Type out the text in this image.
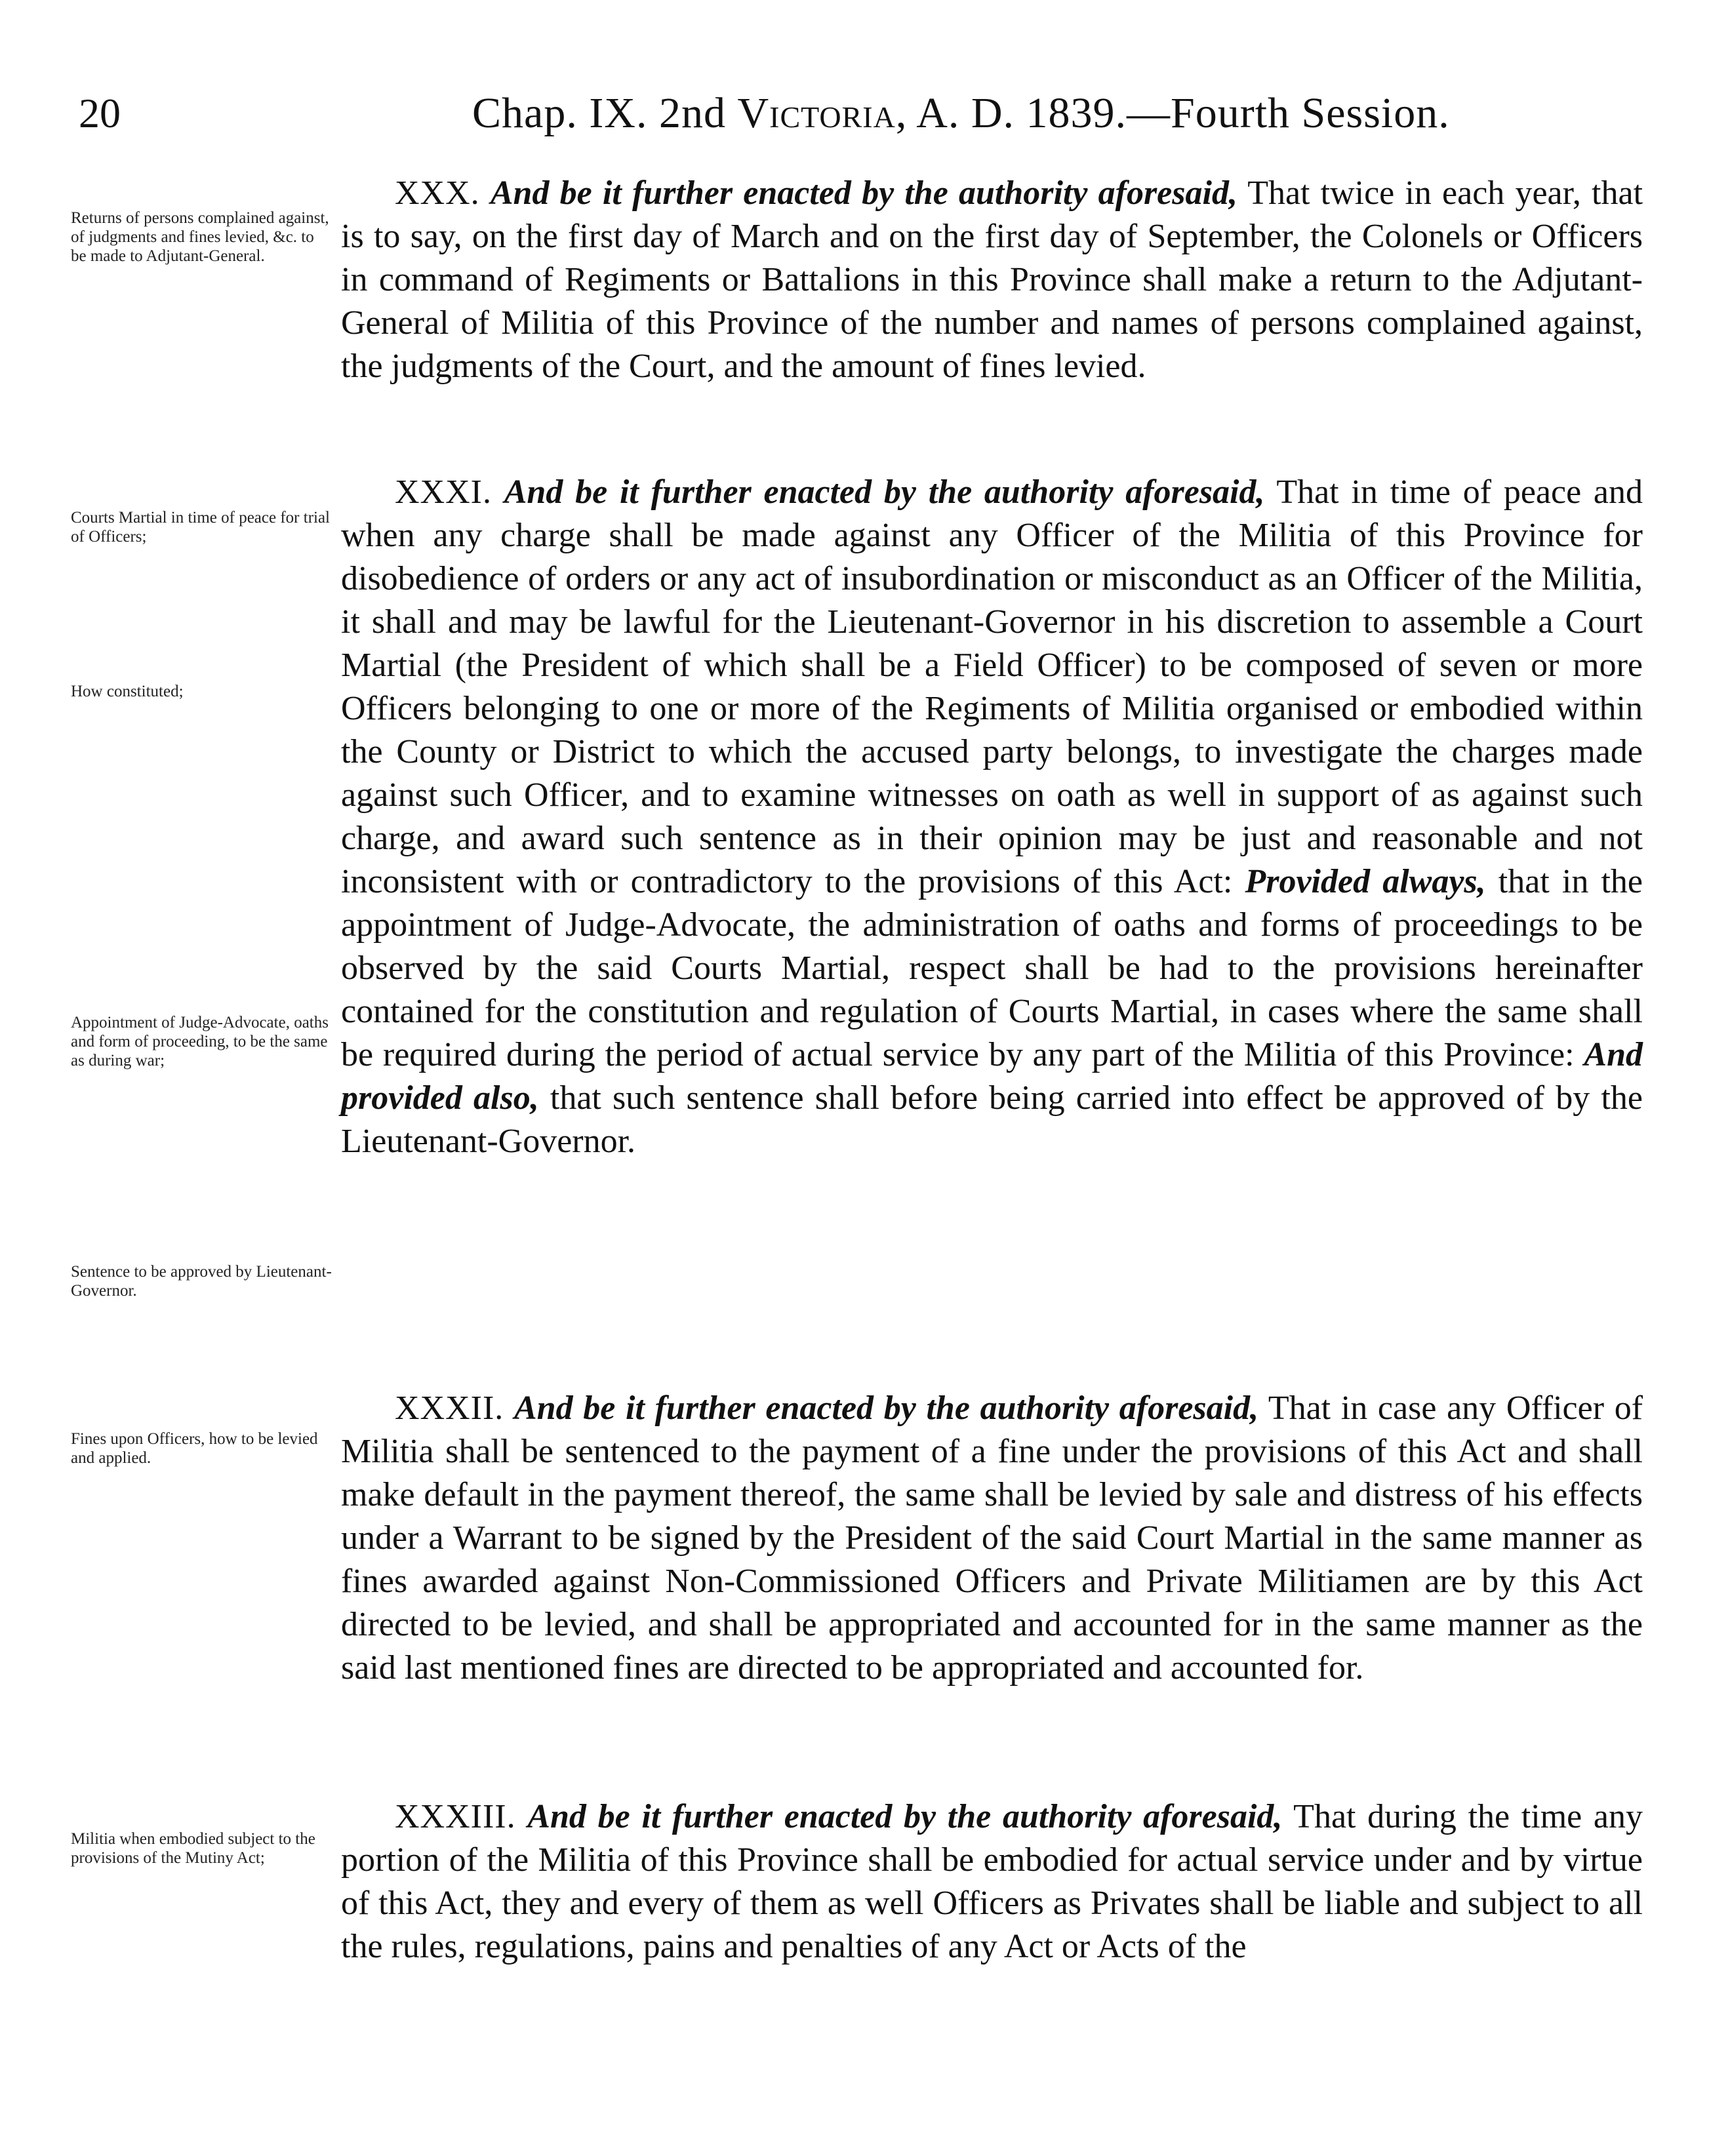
20	Chap. IX. 2nd Victoria, A. D. 1839.—Fourth Session.
Returns of persons complained against, of judgments and fines levied, &c. to be made to Adjutant-General.

XXX. And be it further enacted by the authority aforesaid, That twice in each year, that is to say, on the first day of March and on the first day of September, the Colonels or Officers in command of Regiments or Battalions in this Province shall make a return to the Adjutant-General of Militia of this Province of the number and names of persons complained against, the judgments of the Court, and the amount of fines levied.

Courts Martial in time of peace for trial of Officers;
How constituted;
Appointment of Judge-Advocate, oaths and form of proceeding, to be the same as during war;
Sentence to be approved by Lieutenant-Governor.

XXXI. And be it further enacted by the authority aforesaid, That in time of peace and when any charge shall be made against any Officer of the Militia of this Province for disobedience of orders or any act of insubordination or misconduct as an Officer of the Militia, it shall and may be lawful for the Lieutenant-Governor in his discretion to assemble a Court Martial (the President of which shall be a Field Officer) to be composed of seven or more Officers belonging to one or more of the Regiments of Militia organised or embodied within the County or District to which the accused party belongs, to investigate the charges made against such Officer, and to examine witnesses on oath as well in support of as against such charge, and award such sentence as in their opinion may be just and reasonable and not inconsistent with or contradictory to the provisions of this Act: Provided always, that in the appointment of Judge-Advocate, the administration of oaths and forms of proceedings to be observed by the said Courts Martial, respect shall be had to the provisions hereinafter contained for the constitution and regulation of Courts Martial, in cases where the same shall be required during the period of actual service by any part of the Militia of this Province: And provided also, that such sentence shall before being carried into effect be approved of by the Lieutenant-Governor.

Fines upon Officers, how to be levied and applied.

XXXII. And be it further enacted by the authority aforesaid, That in case any Officer of Militia shall be sentenced to the payment of a fine under the provisions of this Act and shall make default in the payment thereof, the same shall be levied by sale and distress of his effects under a Warrant to be signed by the President of the said Court Martial in the same manner as fines awarded against Non-Commissioned Officers and Private Militiamen are by this Act directed to be levied, and shall be appropriated and accounted for in the same manner as the said last mentioned fines are directed to be appropriated and accounted for.

Militia when embodied subject to the provisions of the Mutiny Act;

XXXIII. And be it further enacted by the authority aforesaid, That during the time any portion of the Militia of this Province shall be embodied for actual service under and by virtue of this Act, they and every of them as well Officers as Privates shall be liable and subject to all the rules, regulations, pains and penalties of any Act or Acts of the
